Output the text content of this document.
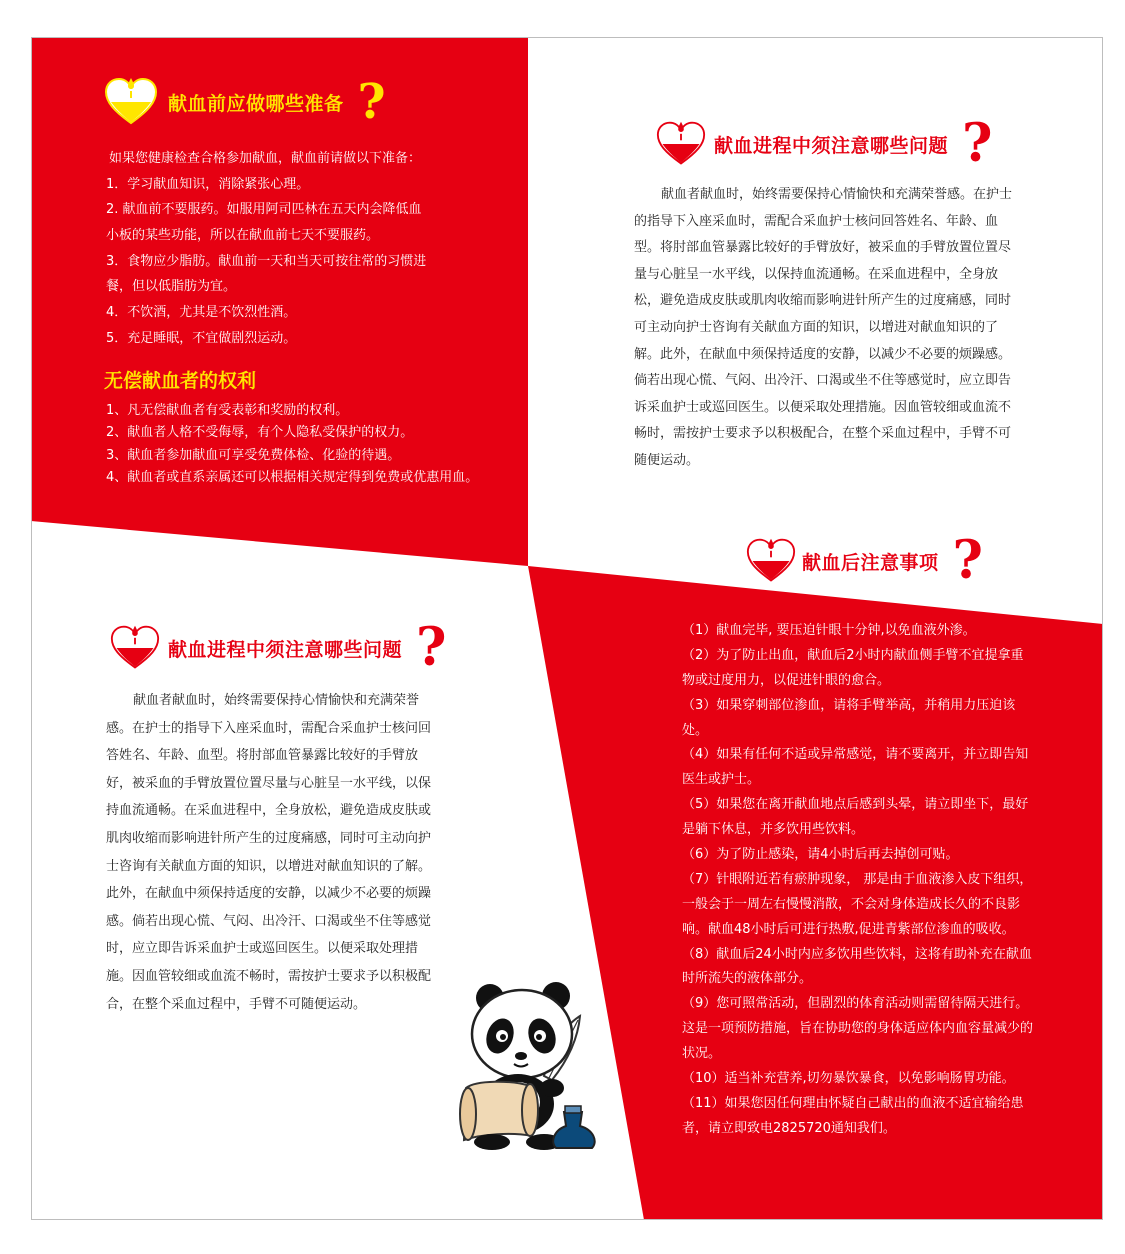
献血前应做哪些准备 ?
如果您健康检查合格参加献血，献血前请做以下准备：
1．学习献血知识，消除紧张心理。
2. 献血前不要服药。如服用阿司匹林在五天内会降低血
小板的某些功能，所以在献血前七天不要服药。
3．食物应少脂肪。献血前一天和当天可按往常的习惯进
餐，但以低脂肪为宜。
4．不饮酒，尤其是不饮烈性酒。
5．充足睡眠，不宜做剧烈运动。
无偿献血者的权利
1、凡无偿献血者有受表彰和奖励的权利。
2、献血者人格不受侮辱，有个人隐私受保护的权力。
3、献血者参加献血可享受免费体检、化验的待遇。
4、献血者或直系亲属还可以根据相关规定得到免费或优惠用血。
献血进程中须注意哪些问题 ?
献血者献血时，始终需要保持心情愉快和充满荣誉感。在护士
的指导下入座采血时，需配合采血护士核问回答姓名、年龄、血
型。将肘部血管暴露比较好的手臂放好，被采血的手臂放置位置尽
量与心脏呈一水平线，以保持血流通畅。在采血进程中，全身放
松，避免造成皮肤或肌肉收缩而影响进针所产生的过度痛感，同时
可主动向护士咨询有关献血方面的知识，以增进对献血知识的了
解。此外，在献血中须保持适度的安静，以减少不必要的烦躁感。
倘若出现心慌、气闷、出冷汗、口渴或坐不住等感觉时，应立即告
诉采血护士或巡回医生。以便采取处理措施。因血管较细或血流不
畅时，需按护士要求予以积极配合，在整个采血过程中，手臂不可
随便运动。
献血进程中须注意哪些问题 ?
献血者献血时，始终需要保持心情愉快和充满荣誉
感。在护士的指导下入座采血时，需配合采血护士核问回
答姓名、年龄、血型。将肘部血管暴露比较好的手臂放
好，被采血的手臂放置位置尽量与心脏呈一水平线，以保
持血流通畅。在采血进程中，全身放松，避免造成皮肤或
肌肉收缩而影响进针所产生的过度痛感，同时可主动向护
士咨询有关献血方面的知识，以增进对献血知识的了解。
此外，在献血中须保持适度的安静，以减少不必要的烦躁
感。倘若出现心慌、气闷、出冷汗、口渴或坐不住等感觉
时，应立即告诉采血护士或巡回医生。以便采取处理措
施。因血管较细或血流不畅时，需按护士要求予以积极配
合，在整个采血过程中，手臂不可随便运动。
献血后注意事项 ?
（1）献血完毕, 要压迫针眼十分钟,以免血液外渗。
（2）为了防止出血，献血后2小时内献血侧手臂不宜提拿重
物或过度用力，以促进针眼的愈合。
（3）如果穿刺部位渗血，请将手臂举高，并稍用力压迫该
处。
（4）如果有任何不适或异常感觉，请不要离开，并立即告知
医生或护士。
（5）如果您在离开献血地点后感到头晕，请立即坐下，最好
是躺下休息，并多饮用些饮料。
（6）为了防止感染，请4小时后再去掉创可贴。
（7）针眼附近若有瘀肿现象， 那是由于血液渗入皮下组织，
一般会于一周左右慢慢消散，不会对身体造成长久的不良影
响。献血48小时后可进行热敷,促进青紫部位渗血的吸收。
（8）献血后24小时内应多饮用些饮料，这将有助补充在献血
时所流失的液体部分。
（9）您可照常活动，但剧烈的体育活动则需留待隔天进行。
这是一项预防措施，旨在协助您的身体适应体内血容量减少的
状况。
（10）适当补充营养,切勿暴饮暴食，以免影响肠胃功能。
（11）如果您因任何理由怀疑自己献出的血液不适宜输给患
者，请立即致电2825720通知我们。
